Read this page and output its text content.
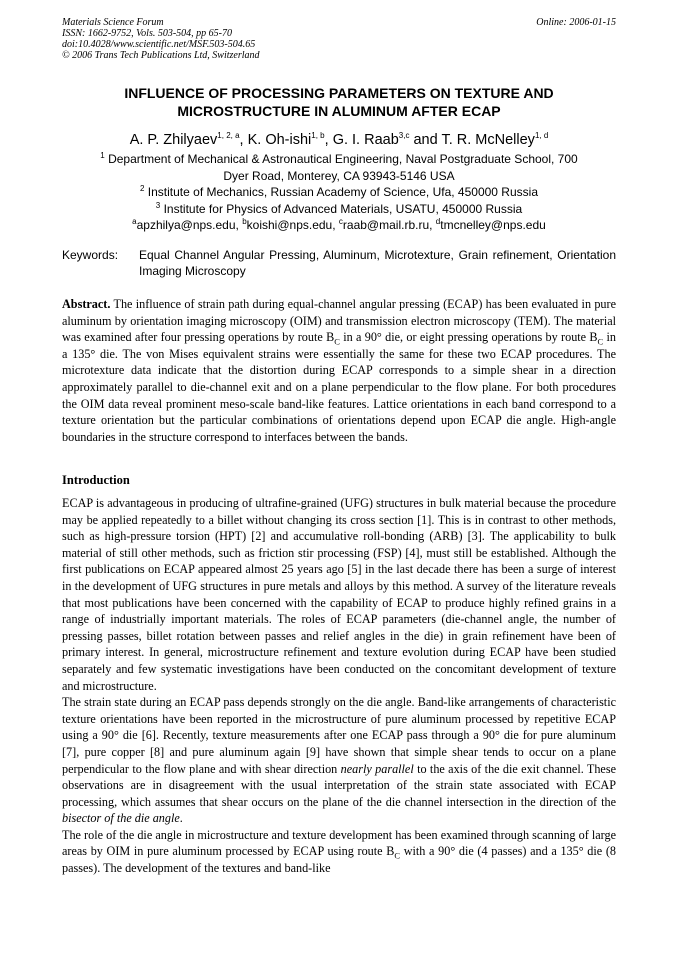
Materials Science Forum
ISSN: 1662-9752, Vols. 503-504, pp 65-70
doi:10.4028/www.scientific.net/MSF.503-504.65
© 2006 Trans Tech Publications Ltd, Switzerland
Online: 2006-01-15
INFLUENCE OF PROCESSING PARAMETERS ON TEXTURE AND
MICROSTRUCTURE IN ALUMINUM AFTER ECAP
A. P. Zhilyaev$^{1, 2, a}$, K. Oh-ishi$^{1, b}$, G. I. Raab$^{3,c}$ and T. R. McNelley$^{1, d}$
$^1$ Department of Mechanical & Astronautical Engineering, Naval Postgraduate School, 700
Dyer Road, Monterey, CA 93943-5146 USA
$^2$ Institute of Mechanics, Russian Academy of Science, Ufa, 450000 Russia
$^3$ Institute for Physics of Advanced Materials, USATU, 450000 Russia
$^a$apzhilya@nps.edu, $^b$koishi@nps.edu, $^c$raab@mail.rb.ru, $^d$tmcnelley@nps.edu
Keywords: Equal Channel Angular Pressing, Aluminum, Microtexture, Grain refinement, Orientation Imaging Microscopy
Abstract. The influence of strain path during equal-channel angular pressing (ECAP) has been evaluated in pure aluminum by orientation imaging microscopy (OIM) and transmission electron microscopy (TEM). The material was examined after four pressing operations by route $B_C$ in a 90° die, or eight pressing operations by route $B_C$ in a 135° die. The von Mises equivalent strains were essentially the same for these two ECAP procedures. The microtexture data indicate that the distortion during ECAP corresponds to a simple shear in a direction approximately parallel to die-channel exit and on a plane perpendicular to the flow plane. For both procedures the OIM data reveal prominent meso-scale band-like features. Lattice orientations in each band correspond to a texture orientation but the particular combinations of orientations depend upon ECAP die angle. High-angle boundaries in the structure correspond to interfaces between the bands.
Introduction

ECAP is advantageous in producing of ultrafine-grained (UFG) structures in bulk material because the procedure may be applied repeatedly to a billet without changing its cross section [1]. This is in contrast to other methods, such as high-pressure torsion (HPT) [2] and accumulative roll-bonding (ARB) [3]. The applicability to bulk material of still other methods, such as friction stir processing (FSP) [4], must still be established. Although the first publications on ECAP appeared almost 25 years ago [5] in the last decade there has been a surge of interest in the development of UFG structures in pure metals and alloys by this method. A survey of the literature reveals that most publications have been concerned with the capability of ECAP to produce highly refined grains in a range of industrially important materials. The roles of ECAP parameters (die-channel angle, the number of pressing passes, billet rotation between passes and relief angles in the die) in grain refinement have been of primary interest. In general, microstructure refinement and texture evolution during ECAP have been studied separately and few systematic investigations have been conducted on the concomitant development of texture and microstructure.

The strain state during an ECAP pass depends strongly on the die angle. Band-like arrangements of characteristic texture orientations have been reported in the microstructure of pure aluminum processed by repetitive ECAP using a 90° die [6]. Recently, texture measurements after one ECAP pass through a 90° die for pure aluminum [7], pure copper [8] and pure aluminum again [9] have shown that simple shear tends to occur on a plane perpendicular to the flow plane and with shear direction nearly parallel to the axis of the die exit channel. These observations are in disagreement with the usual interpretation of the strain state associated with ECAP processing, which assumes that shear occurs on the plane of the die channel intersection in the direction of the bisector of the die angle.

The role of the die angle in microstructure and texture development has been examined through scanning of large areas by OIM in pure aluminum processed by ECAP using route $B_C$ with a 90° die (4 passes) and a 135° die (8 passes). The development of the textures and band-like
